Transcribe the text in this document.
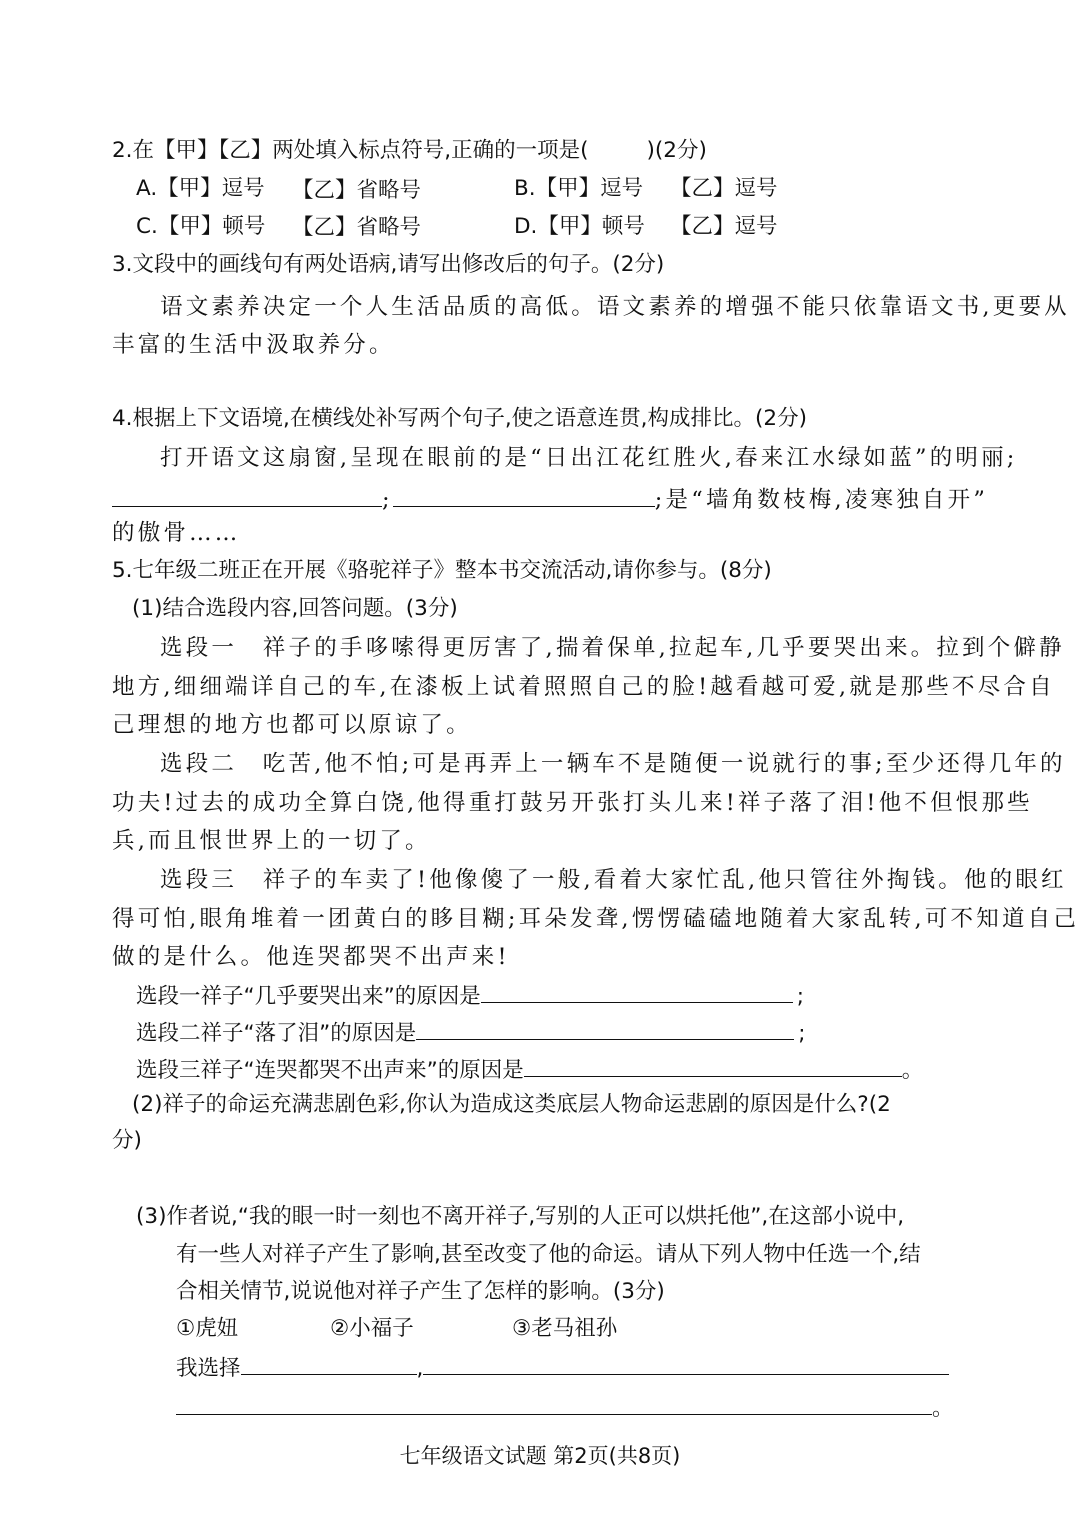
2.在【甲】【乙】两处填入标点符号,正确的一项是(	)(2分)
A.【甲】逗号 【乙】省略号	B.【甲】逗号 【乙】逗号
C.【甲】顿号 【乙】省略号	D.【甲】顿号 【乙】逗号
3.文段中的画线句有两处语病,请写出修改后的句子。(2分)
语文素养决定一个人生活品质的高低。语文素养的增强不能只依靠语文书,更要从
丰富的生活中汲取养分。
4.根据上下文语境,在横线处补写两个句子,使之语意连贯,构成排比。(2分)
打开语文这扇窗,呈现在眼前的是“日出江花红胜火,春来江水绿如蓝”的明丽;
;	;是“墙角数枝梅,凌寒独自开”
的傲骨……
5.七年级二班正在开展《骆驼祥子》整本书交流活动,请你参与。(8分)
(1)结合选段内容,回答问题。(3分)
选段一　祥子的手哆嗦得更厉害了,揣着保单,拉起车,几乎要哭出来。拉到个僻静
地方,细细端详自己的车,在漆板上试着照照自己的脸!越看越可爱,就是那些不尽合自
己理想的地方也都可以原谅了。
选段二　吃苦,他不怕;可是再弄上一辆车不是随便一说就行的事;至少还得几年的
功夫!过去的成功全算白饶,他得重打鼓另开张打头儿来!祥子落了泪!他不但恨那些
兵,而且恨世界上的一切了。
选段三　祥子的车卖了!他像傻了一般,看着大家忙乱,他只管往外掏钱。他的眼红
得可怕,眼角堆着一团黄白的眵目糊;耳朵发聋,愣愣磕磕地随着大家乱转,可不知道自己
做的是什么。他连哭都哭不出声来!
选段一祥子“几乎要哭出来”的原因是	;
选段二祥子“落了泪”的原因是	;
选段三祥子“连哭都哭不出声来”的原因是	。
(2)祥子的命运充满悲剧色彩,你认为造成这类底层人物命运悲剧的原因是什么?(2
分)
(3)作者说,“我的眼一时一刻也不离开祥子,写别的人正可以烘托他”,在这部小说中,
有一些人对祥子产生了影响,甚至改变了他的命运。请从下列人物中任选一个,结
合相关情节,说说他对祥子产生了怎样的影响。(3分)
①虎妞	②小福子	③老马祖孙
我选择	,
。
七年级语文试题 第2页(共8页)
